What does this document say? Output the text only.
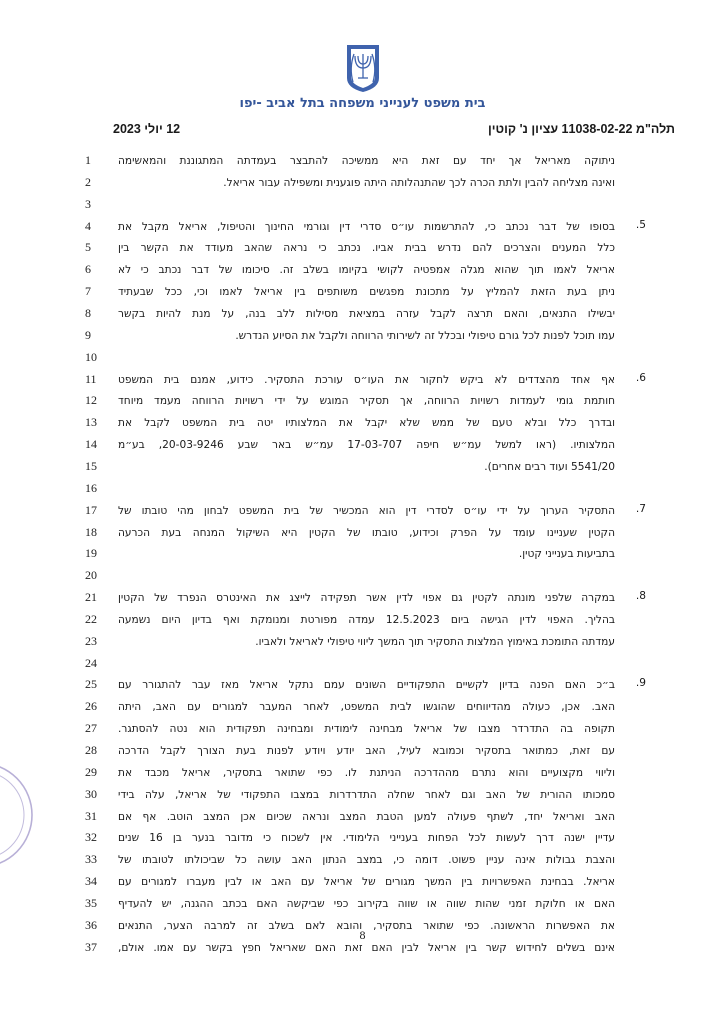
בית משפט לענייני משפחה בתל אביב -יפו
תלה"מ 11038-02-22 עציון נ' קוטין
12 יולי 2023
1	ניתוקה מאריאל אך יחד עם זאת היא ממשיכה להתבצר בעמדתה המתגוננת והמאשימה
2	ואינה מצליחה להבין ולתת הכרה לכך שהתנהלותה היתה פוגענית ומשפילה עבור אריאל.
3
4	5.
בסופו של דבר נכתב כי, להתרשמות עו״ס סדרי דין וגורמי החינוך והטיפול, אריאל מקבל את
5	כלל המענים והצרכים להם נדרש בבית אביו. נכתב כי נראה שהאב מעודד את הקשר בין
6	אריאל לאמו תוך שהוא מגלה אמפטיה לקושי בקיומו בשלב זה. סיכומו של דבר נכתב כי לא
7	ניתן בעת הזאת להמליץ על מתכונת מפגשים משותפים בין אריאל לאמו וכי, ככל שבעתיד
8	יבשילו התנאים, והאם תרצה לקבל עזרה במציאת מסילות ללב בנה, על מנת להיות בקשר
9	עמו תוכל לפנות לכל גורם טיפולי ובכלל זה לשירותי הרווחה ולקבל את הסיוע הנדרש.
10
11	6.
אף אחד מהצדדים לא ביקש לחקור את העו״ס עורכת התסקיר. כידוע, אמנם בית המשפט
12	חותמת גומי לעמדות רשויות הרווחה, אך תסקיר המוגש על ידי רשויות הרווחה מעמד מיוחד
13	ובדרך כלל ובלא טעם של ממש שלא יקבל את המלצותיו יטה בית המשפט לקבל את
14	המלצותיו. (ראו למשל עמ״ש חיפה 17-03-707 עמ״ש באר שבע 20-03-9246, בע״מ
15	5541/20 ועוד רבים אחרים).
16
17	7.
התסקיר הערוך על ידי עו״ס לסדרי דין הוא המכשיר של בית המשפט לבחון מהי טובתו של
18	הקטין שעניינו עומד על הפרק וכידוע, טובתו של הקטין היא השיקול המנחה בעת הכרעה
19	בתביעות בענייני קטין.
20
21	8.
במקרה שלפני מונתה לקטין גם אפוי לדין אשר תפקידה לייצג את האינטרס הנפרד של הקטין
22	בהליך. האפוי לדין הגישה ביום 12.5.2023 עמדה מפורטת ומנומקת ואף בדיון היום נשמעה
23	עמדתה התומכת באימוץ המלצות התסקיר תוך המשך ליווי טיפולי לאריאל ולאביו.
24
25	9.
ב״כ האם הפנה בדיון לקשיים התפקודיים השונים עמם נתקל אריאל מאז עבר להתגורר עם
26	האב. אכן, כעולה מהדיווחים שהוגשו לבית המשפט, לאחר המעבר למגורים עם האב, היתה
27	תקופה בה התדרדר מצבו של אריאל מבחינה לימודית ומבחינה תפקודית הוא נטה להסתגר.
28	עם זאת, כמתואר בתסקיר וכמובא לעיל, האב יודע ויודע לפנות בעת הצורך לקבל הדרכה
29	וליווי מקצועיים והוא נתרם מההדרכה הניתנת לו. כפי שתואר בתסקיר, אריאל מכבד את
30	סמכותו ההורית של האב וגם לאחר שחלה התדרדרות במצבו התפקודי של אריאל, עלה בידי
31	האב ואריאל יחד, לשתף פעולה למען הטבת המצב ונראה שכיום אכן המצב הוטב. אף אם
32	עדיין ישנה דרך לעשות לכל הפחות בענייני הלימודי. אין לשכוח כי מדובר בנער בן 16 שנים
33	והצבת גבולות אינה עניין פשוט. דומה כי, במצב הנתון האב עושה כל שביכולתו לטובתו של
34	אריאל. בבחינת האפשרויות בין המשך מגורים של אריאל עם האב או לבין מעברו למגורים עם
35	האם או חלוקת זמני שהות שווה או שווה בקירוב כפי שביקשה האם בכתב ההגנה, יש להעדיף
36	את האפשרות הראשונה. כפי שתואר בתסקיר, והובא לאם בשלב זה למרבה הצער, התנאים
37	אינם בשלים לחידוש קשר בין אריאל לבין האם זאת האם שאריאל חפץ בקשר עם אמו. אולם,
8
